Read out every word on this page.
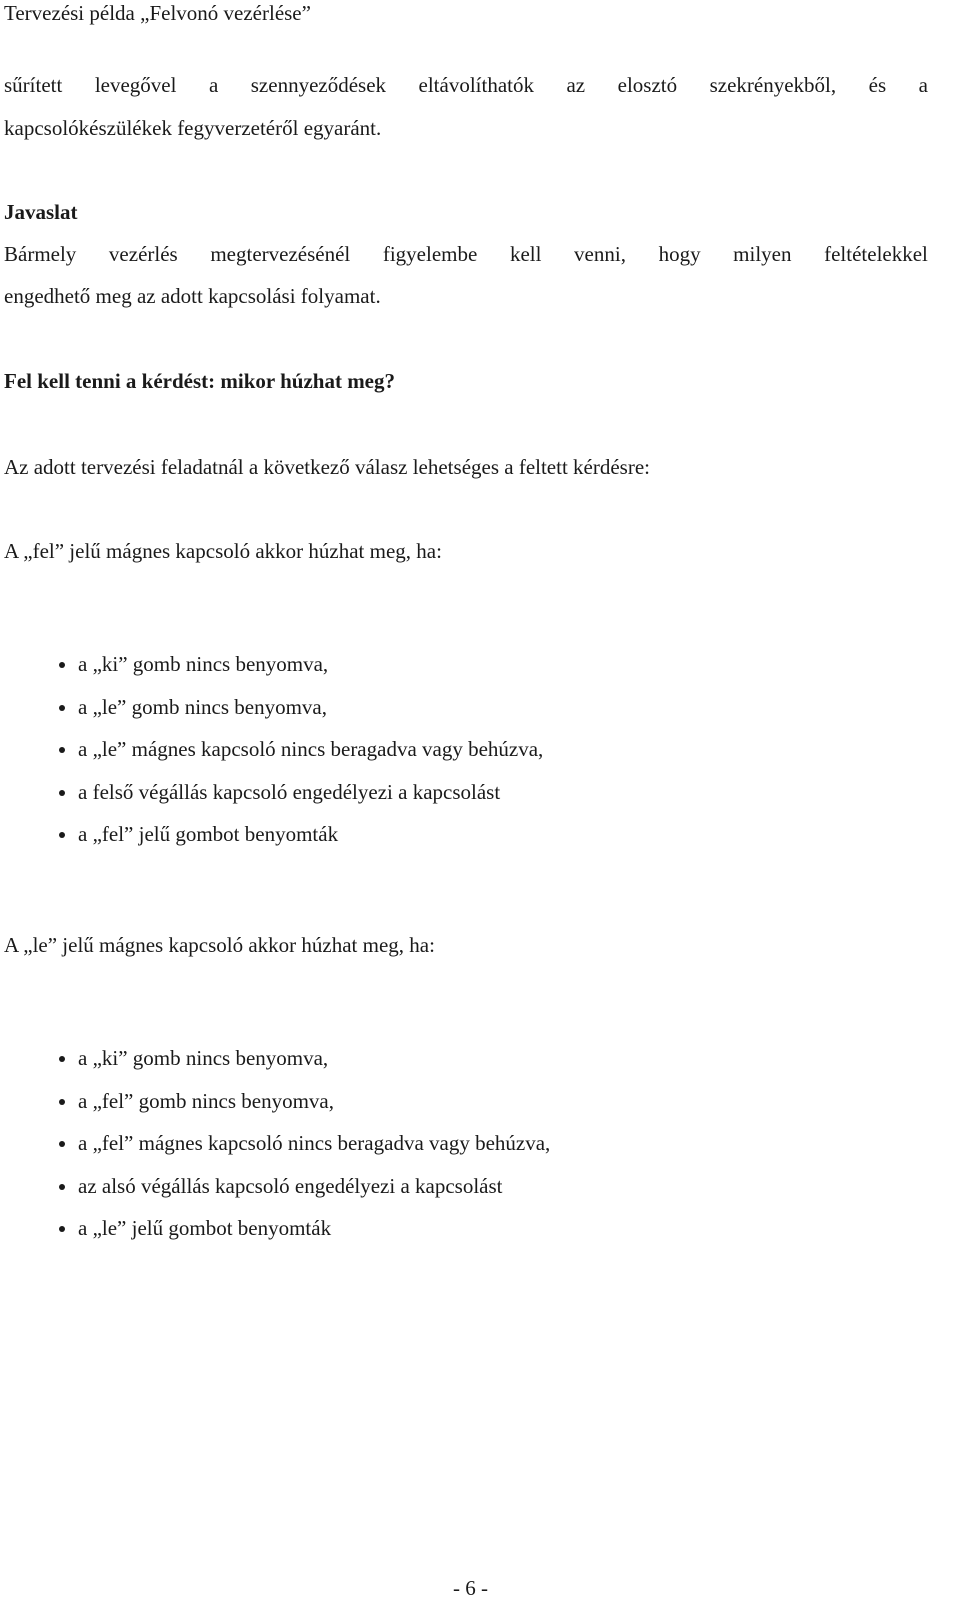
Tervezési példa „Felvonó vezérlése”
sűrített levegővel a szennyeződések eltávolíthatók az elosztó szekrényekből, és a
kapcsolókészülékek fegyverzetéről egyaránt.
Javaslat
Bármely vezérlés megtervezésénél figyelembe kell venni, hogy milyen feltételekkel
engedhető meg az adott kapcsolási folyamat.
Fel kell tenni a kérdést: mikor húzhat meg?
Az adott tervezési feladatnál a következő válasz lehetséges a feltett kérdésre:
A „fel” jelű mágnes kapcsoló akkor húzhat meg, ha:
a „ki” gomb nincs benyomva,
a „le” gomb nincs benyomva,
a „le” mágnes kapcsoló nincs beragadva vagy behúzva,
a felső végállás kapcsoló engedélyezi a kapcsolást
a „fel” jelű gombot benyomták
A „le” jelű mágnes kapcsoló akkor húzhat meg, ha:
a „ki” gomb nincs benyomva,
a „fel” gomb nincs benyomva,
a „fel” mágnes kapcsoló nincs beragadva vagy behúzva,
az alsó végállás kapcsoló engedélyezi a kapcsolást
a „le” jelű gombot benyomták
- 6 -
